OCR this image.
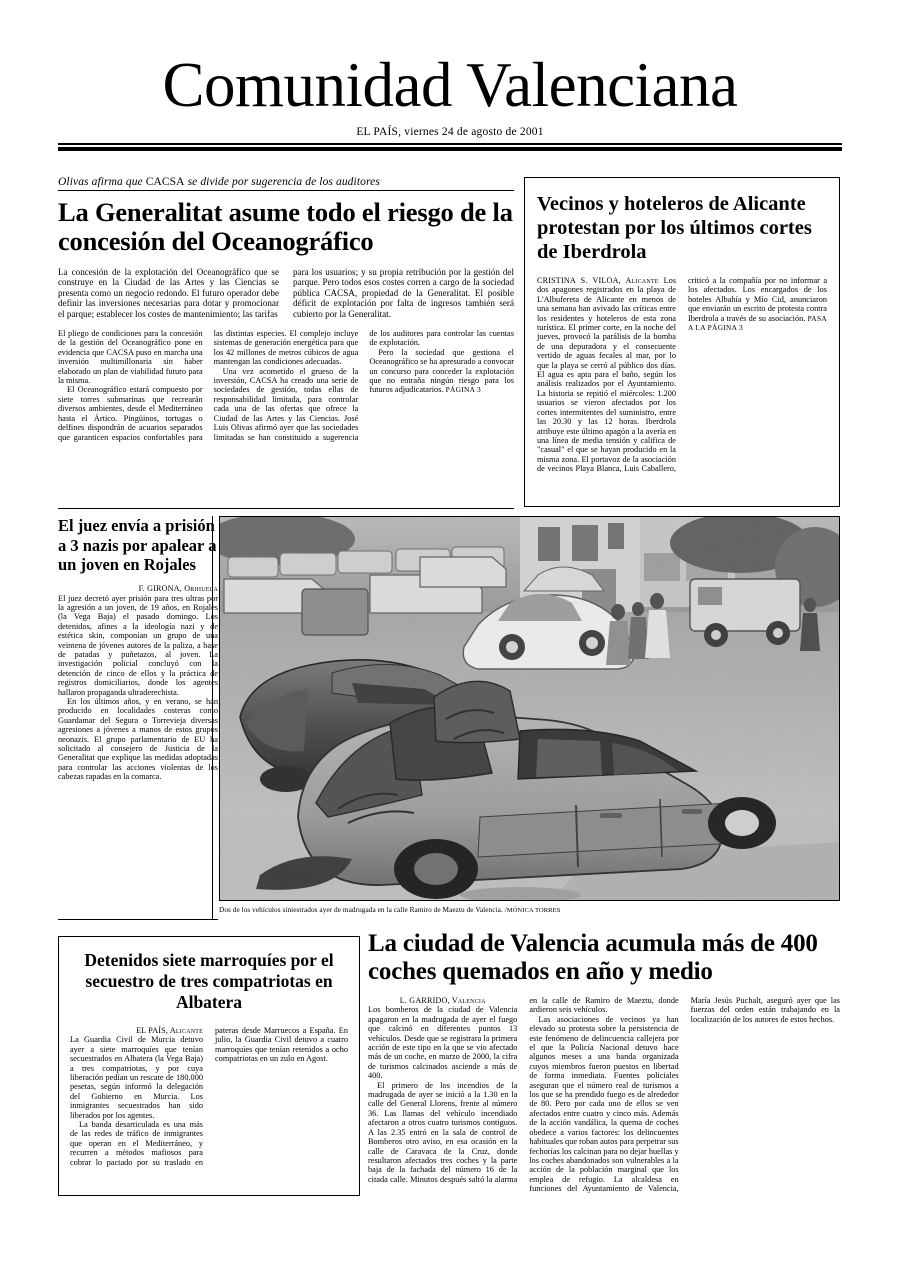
Comunidad Valenciana
EL PAÍS, viernes 24 de agosto de 2001
Olivas afirma que CACSA se divide por sugerencia de los auditores
La Generalitat asume todo el riesgo de la concesión del Oceanográfico

La concesión de la explotación del Oceanográfico que se construye en la Ciudad de las Artes y las Ciencias se presenta como un negocio redondo. El futuro operador debe definir las inversiones necesarias para dotar y promocionar el parque; establecer los costes de mantenimiento; las tarifas

para los usuarios; y su propia retribución por la gestión del parque. Pero todos esos costes corren a cargo de la sociedad pública CACSA, propiedad de la Generalitat. El posible déficit de explotación por falta de ingresos también será cubierto por la Generalitat.

El pliego de condiciones para la concesión de la gestión del Oceanográfico pone en evidencia que CACSA puso en marcha una inversión multimillonaria sin haber elaborado un plan de viabilidad futuro para la misma.

El Oceanográfico estará compuesto por siete torres submarinas que recrearán diversos ambientes, desde el Mediterráneo hasta el Ártico. Pingüinos, tortugas o delfines dispondrán de acuarios separados que garanticen espacios confortables para las distintas especies. El complejo incluye sistemas de generación energética para que los 42 millones de metros cúbicos de agua mantengan las condiciones adecuadas.

Una vez acometido el grueso de la inversión, CACSA ha creado una serie de sociedades de gestión, todas ellas de responsabilidad limitada, para controlar cada una de las ofertas que ofrece la Ciudad de las Artes y las Ciencias. José Luis Olivas afirmó ayer que las sociedades limitadas se han constituido a sugerencia de los auditores para controlar las cuentas de explotación.

Pero la sociedad que gestiona el Oceanográfico se ha apresurado a convocar un concurso para conceder la explotación que no entraña ningún riesgo para los futuros adjudicatarios. PÁGINA 3

Vecinos y hoteleros de Alicante protestan por los últimos cortes de Iberdrola

CRISTINA S. VILOA, Alicante Los dos apagones registrados en la playa de L'Albufereta de Alicante en menos de una semana han avivado las críticas entre los residentes y hoteleros de esta zona turística. El primer corte, en la noche del jueves, provocó la parálisis de la bomba de una depuradora y el consecuente vertido de aguas fecales al mar, por lo que la playa se cerró al público dos días. El agua es apta para el baño, según los análisis realizados por el Ayuntamiento. La historia se repitió el miércoles: 1.200 usuarios se vieron afectados por los cortes intermitentes del suministro, entre las 20.30 y las 12 horas. Iberdrola atribuye este último apagón a la avería en una línea de media tensión y califica de "casual" el que se hayan producido en la misma zona. El portavoz de la asociación de vecinos Playa Blanca, Luis Caballero, criticó a la compañía por no informar a los afectados. Los encargados de los hoteles Albahía y Mío Cid, anunciaron que enviarán un escrito de protesta contra Iberdrola a través de su asociación. PASA A LA PÁGINA 3

El juez envía a prisión a 3 nazis por apalear a un joven en Rojales
F. GIRONA, Orihuela

El juez decretó ayer prisión para tres ultras por la agresión a un joven, de 19 años, en Rojales (la Vega Baja) el pasado domingo. Los detenidos, afines a la ideología nazi y de estética skin, componían un grupo de una veintena de jóvenes autores de la paliza, a base de patadas y puñetazos, al joven. La investigación policial concluyó con la detención de cinco de ellos y la práctica de registros domiciliarios, donde los agentes hallaron propaganda ultraderechista.

En los últimos años, y en verano, se han producido en localidades costeras como Guardamar del Segura o Torrevieja diversas agresiones a jóvenes a manos de estos grupos neonazis. El grupo parlamentario de EU ha solicitado al consejero de Justicia de la Generalitat que explique las medidas adoptadas para controlar las acciones violentas de los cabezas rapadas en la comarca.

Dos de los vehículos siniestrados ayer de madrugada en la calle Ramiro de Maeztu de Valencia. /MÓNICA TORRES
Detenidos siete marroquíes por el secuestro de tres compatriotas en Albatera

EL PAÍS, Alicante
La Guardia Civil de Murcia detuvo ayer a siete marroquíes que tenían secuestrados en Albatera (la Vega Baja) a tres compatriotas, y por cuya liberación pedían un rescate de 180.000 pesetas, según informó la delegación del Gobierno en Murcia. Los inmigrantes secuestrados han sido liberados por los agentes.

La banda desarticulada es una más de las redes de tráfico de inmigrantes que operan en el Mediterráneo, y recurren a métodos mafiosos para cobrar lo pactado por su traslado en pateras desde Marruecos a España. En julio, la Guardia Civil detuvo a cuatro marroquíes que tenían retenidos a ocho compatriotas en un zulo en Agost.

La ciudad de Valencia acumula más de 400 coches quemados en año y medio

L. GARRIDO, Valencia
Los bomberos de la ciudad de Valencia apagaron en la madrugada de ayer el fuego que calcinó en diferentes puntos 13 vehículos. Desde que se registrara la primera acción de este tipo en la que se vio afectado más de un coche, en marzo de 2000, la cifra de turismos calcinados asciende a más de 400.

El primero de los incendios de la madrugada de ayer se inició a la 1.30 en la calle del General Llorens, frente al número 36. Las llamas del vehículo incendiado afectaron a otros cuatro turismos contiguos. A las 2.35 entró en la sala de control de Bomberos otro aviso, en esa ocasión en la calle de Caravaca de la Cruz, donde resultaron afectados tres coches y la parte baja de la fachada del número 16 de la citada calle. Minutos después saltó la alarma en la calle de Ramiro de Maeztu, donde ardieron seis vehículos.

Las asociaciones de vecinos ya han elevado su protesta sobre la persistencia de este fenómeno de delincuencia callejera por el que la Policía Nacional detuvo hace algunos meses a una banda organizada cuyos miembros fueron puestos en libertad de forma inmediata. Fuentes policiales aseguran que el número real de turismos a los que se ha prendido fuego es de alrededor de 80. Pero por cada uno de ellos se ven afectados entre cuatro y cinco más. Además de la acción vandálica, la quema de coches obedece a varios factores: los delincuentes habituales que roban autos para perpetrar sus fechorías los calcinan para no dejar huellas y los coches abandonados son vulnerables a la acción de la población marginal que los emplea de refugio. La alcaldesa en funciones del Ayuntamiento de Valencia, María Jesús Puchalt, aseguró ayer que las fuerzas del orden están trabajando en la localización de los autores de estos hechos.
